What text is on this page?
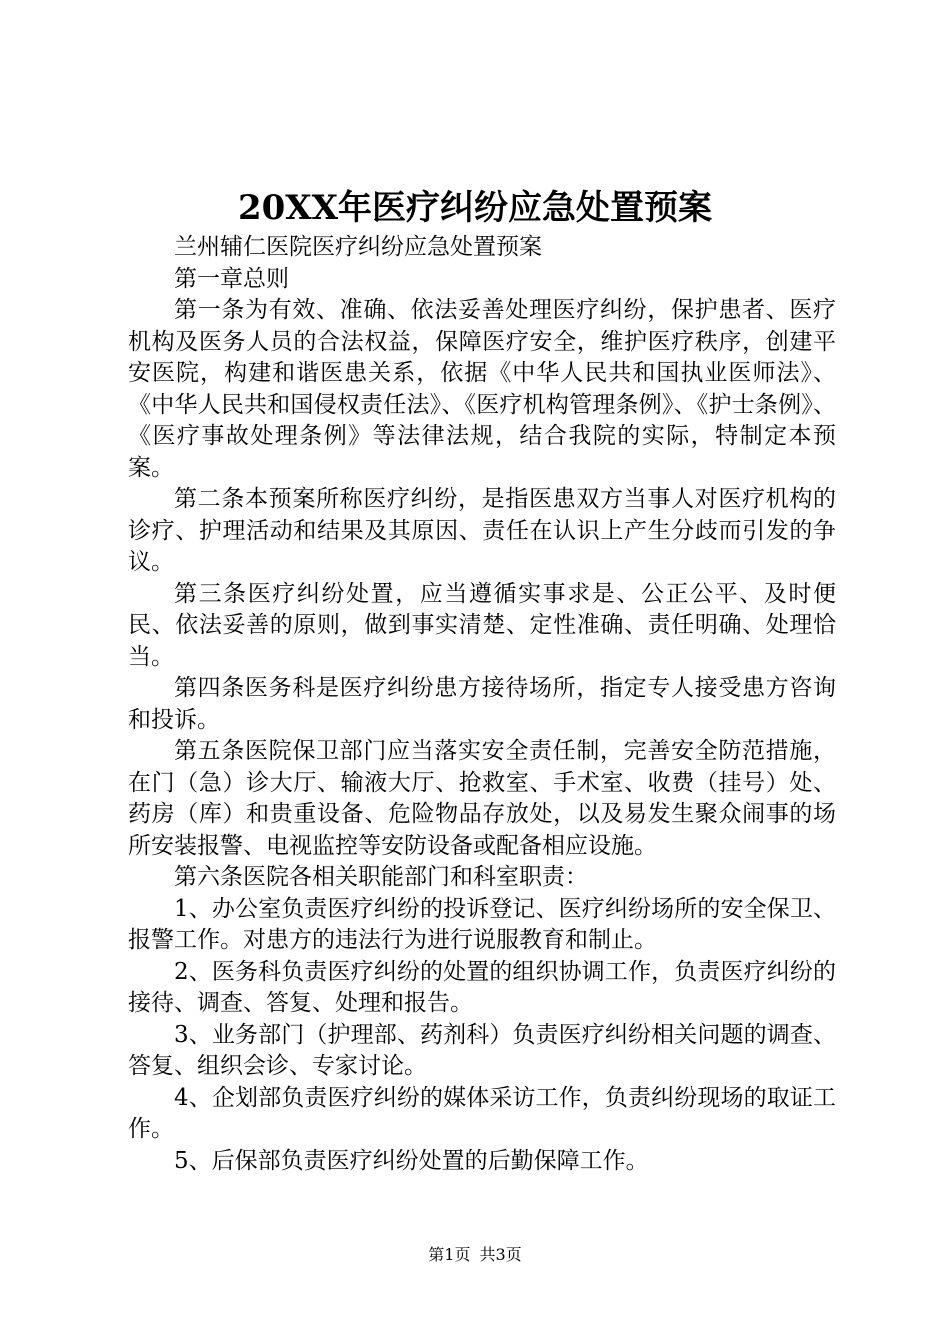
20XX年医疗纠纷应急处置预案

兰州辅仁医院医疗纠纷应急处置预案

第一章总则

第一条为有效、准确、依法妥善处理医疗纠纷，保护患者、医疗机构及医务人员的合法权益，保障医疗安全，维护医疗秩序，创建平安医院，构建和谐医患关系，依据《中华人民共和国执业医师法》、《中华人民共和国侵权责任法》、《医疗机构管理条例》、《护士条例》、《医疗事故处理条例》等法律法规，结合我院的实际，特制定本预案。

第二条本预案所称医疗纠纷，是指医患双方当事人对医疗机构的诊疗、护理活动和结果及其原因、责任在认识上产生分歧而引发的争议。

第三条医疗纠纷处置，应当遵循实事求是、公正公平、及时便民、依法妥善的原则，做到事实清楚、定性准确、责任明确、处理恰当。

第四条医务科是医疗纠纷患方接待场所，指定专人接受患方咨询和投诉。

第五条医院保卫部门应当落实安全责任制，完善安全防范措施，在门（急）诊大厅、输液大厅、抢救室、手术室、收费（挂号）处、药房（库）和贵重设备、危险物品存放处，以及易发生聚众闹事的场所安装报警、电视监控等安防设备或配备相应设施。

第六条医院各相关职能部门和科室职责：

1、办公室负责医疗纠纷的投诉登记、医疗纠纷场所的安全保卫、报警工作。对患方的违法行为进行说服教育和制止。

2、医务科负责医疗纠纷的处置的组织协调工作，负责医疗纠纷的接待、调查、答复、处理和报告。

3、业务部门（护理部、药剂科）负责医疗纠纷相关问题的调查、答复、组织会诊、专家讨论。

4、企划部负责医疗纠纷的媒体采访工作，负责纠纷现场的取证工作。

5、后保部负责医疗纠纷处置的后勤保障工作。

第1页 共3页
